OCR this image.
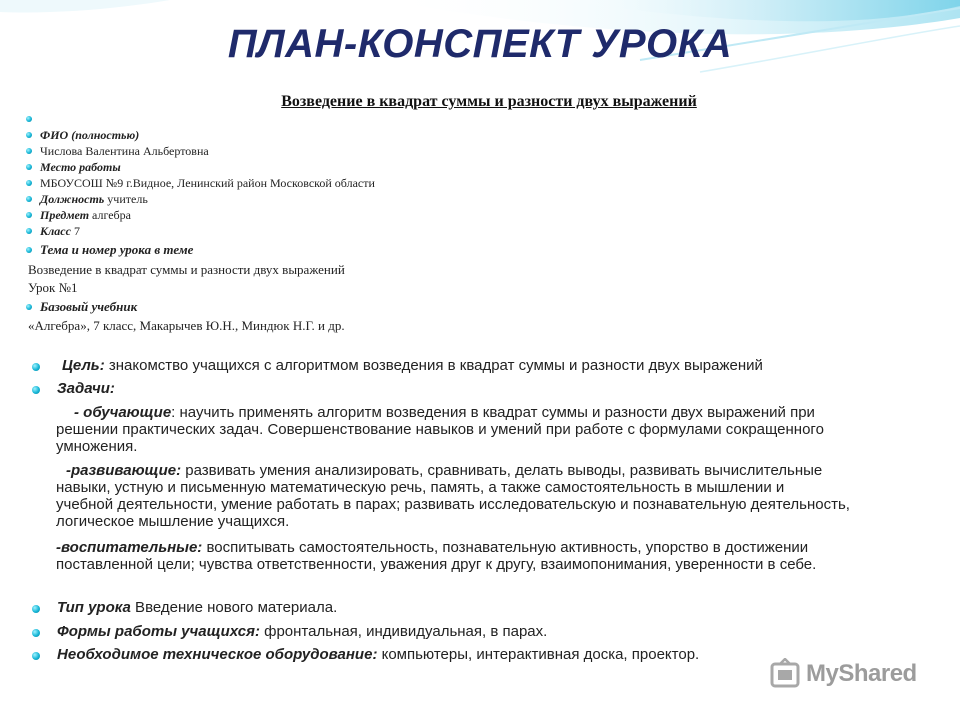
ПЛАН-КОНСПЕКТ УРОКА
Возведение в квадрат суммы и разности двух выражений
ФИО (полностью)
Числова Валентина Альбертовна
Место работы
МБОУСОШ №9 г.Видное, Ленинский район Московской области
Должность учитель
Предмет алгебра
Класс 7
Тема и номер урока в теме
Возведение в квадрат суммы и разности двух выражений
Урок №1
Базовый учебник
«Алгебра», 7 класс, Макарычев Ю.Н., Миндюк Н.Г. и др.
Цель: знакомство учащихся с алгоритмом возведения в квадрат суммы и разности двух выражений
Задачи:
- обучающие: научить применять алгоритм возведения в квадрат суммы и разности двух выражений при
решении практических задач. Совершенствование навыков и умений при работе с формулами сокращенного
умножения.
-развивающие: развивать умения анализировать, сравнивать, делать выводы, развивать вычислительные
навыки, устную и письменную математическую речь, память, а также самостоятельность в мышлении и
учебной деятельности, умение работать в парах; развивать исследовательскую и познавательную деятельность,
логическое мышление учащихся.
-воспитательные: воспитывать самостоятельность, познавательную активность, упорство в достижении
поставленной цели; чувства ответственности, уважения друг к другу, взаимопонимания, уверенности в себе.
Тип урока Введение нового материала.
Формы работы учащихся: фронтальная, индивидуальная, в парах.
Необходимое техническое оборудование: компьютеры, интерактивная доска, проектор.
MyShared
